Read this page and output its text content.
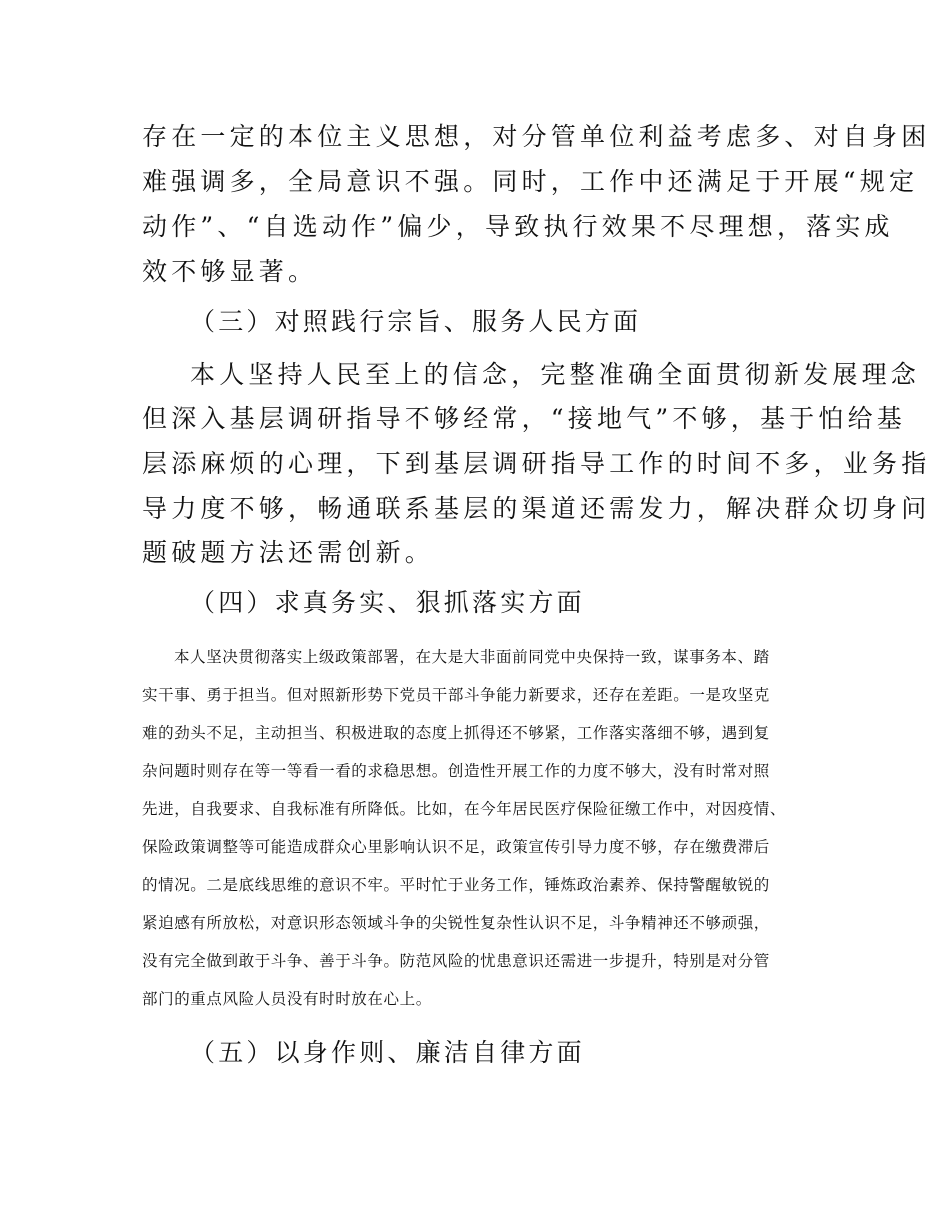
存在一定的本位主义思想，对分管单位利益考虑多、对自身困

难强调多，全局意识不强。同时，工作中还满足于开展“规定

动作”、“自选动作”偏少，导致执行效果不尽理想，落实成

效不够显著。

（三）对照践行宗旨、服务人民方面

本人坚持人民至上的信念，完整准确全面贯彻新发展理念

但深入基层调研指导不够经常，“接地气”不够，基于怕给基

层添麻烦的心理，下到基层调研指导工作的时间不多，业务指

导力度不够，畅通联系基层的渠道还需发力，解决群众切身问

题破题方法还需创新。

（四）求真务实、狠抓落实方面

本人坚决贯彻落实上级政策部署，在大是大非面前同党中央保持一致，谋事务本、踏

实干事、勇于担当。但对照新形势下党员干部斗争能力新要求，还存在差距。一是攻坚克

难的劲头不足，主动担当、积极进取的态度上抓得还不够紧，工作落实落细不够，遇到复

杂问题时则存在等一等看一看的求稳思想。创造性开展工作的力度不够大，没有时常对照

先进，自我要求、自我标准有所降低。比如，在今年居民医疗保险征缴工作中，对因疫情、

保险政策调整等可能造成群众心里影响认识不足，政策宣传引导力度不够，存在缴费滞后

的情况。二是底线思维的意识不牢。平时忙于业务工作，锤炼政治素养、保持警醒敏锐的

紧迫感有所放松，对意识形态领域斗争的尖锐性复杂性认识不足，斗争精神还不够顽强，

没有完全做到敢于斗争、善于斗争。防范风险的忧患意识还需进一步提升，特别是对分管

部门的重点风险人员没有时时放在心上。

（五）以身作则、廉洁自律方面
